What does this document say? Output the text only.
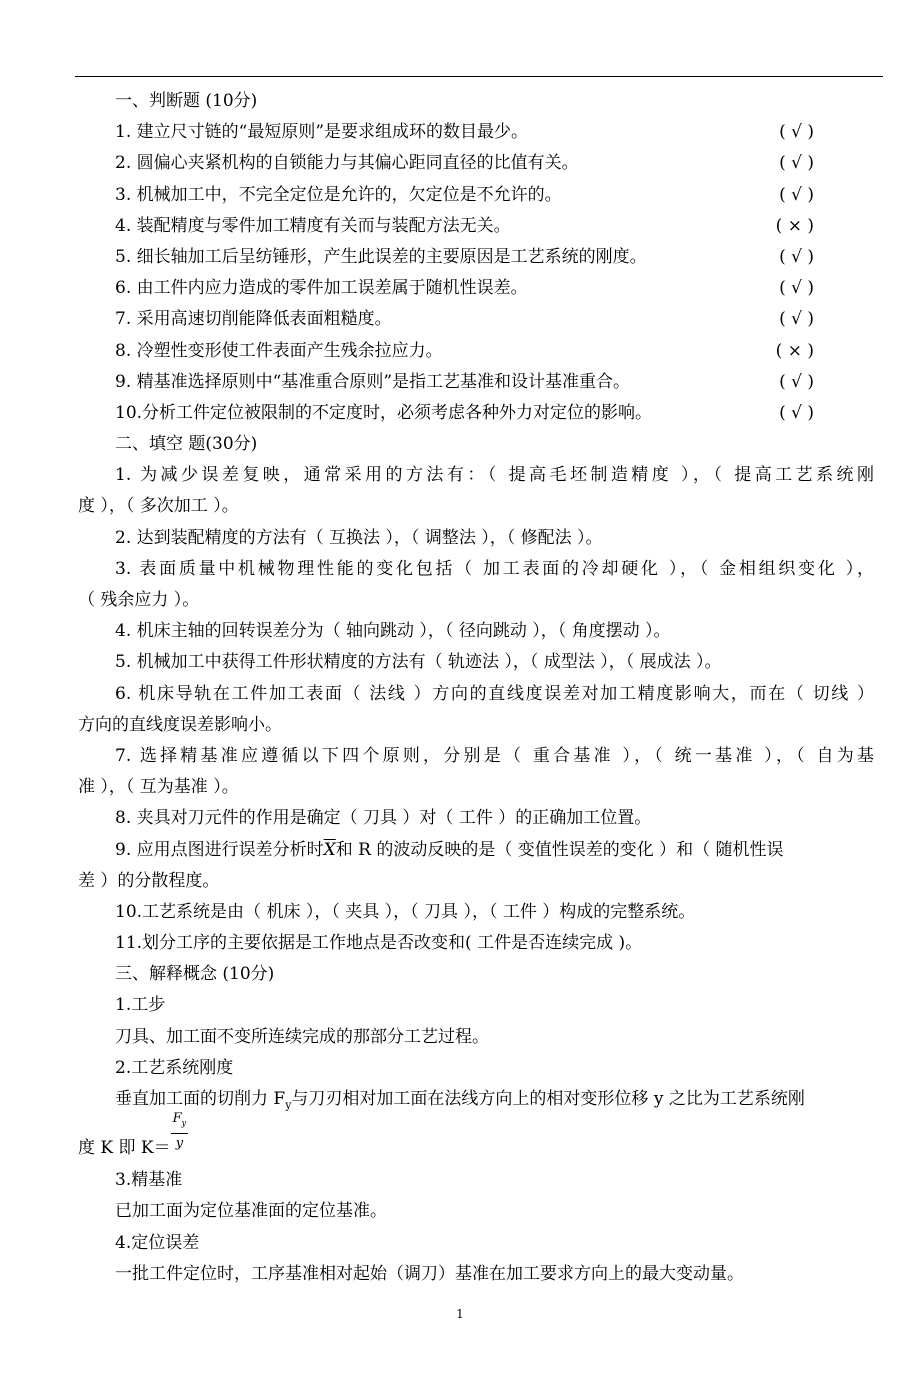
一、判断题 (10分)
1. 建立尺寸链的“最短原则”是要求组成环的数目最少。	( √ )
2. 圆偏心夹紧机构的自锁能力与其偏心距同直径的比值有关。	( √ )
3. 机械加工中，不完全定位是允许的，欠定位是不允许的。	( √ )
4. 装配精度与零件加工精度有关而与装配方法无关。	( × )
5. 细长轴加工后呈纺锤形，产生此误差的主要原因是工艺系统的刚度。	( √ )
6. 由工件内应力造成的零件加工误差属于随机性误差。	( √ )
7. 采用高速切削能降低表面粗糙度。	( √ )
8. 冷塑性变形使工件表面产生残余拉应力。	( × )
9. 精基准选择原则中“基准重合原则”是指工艺基准和设计基准重合。	( √ )
10.分析工件定位被限制的不定度时，必须考虑各种外力对定位的影响。	( √ )
二、填空 题(30分)
1. 为减少误差复映，通常采用的方法有：（ 提高毛坯制造精度 ），（ 提高工艺系统刚
度 ），（ 多次加工 ）。
2. 达到装配精度的方法有（ 互换法 ），（ 调整法 ），（ 修配法 ）。
3. 表面质量中机械物理性能的变化包括（ 加工表面的冷却硬化 ），（ 金相组织变化 ），
（ 残余应力 ）。
4. 机床主轴的回转误差分为（ 轴向跳动 ），（ 径向跳动 ），（ 角度摆动 ）。
5. 机械加工中获得工件形状精度的方法有（ 轨迹法 ），（ 成型法 ），（ 展成法 ）。
6. 机床导轨在工件加工表面（ 法线 ）方向的直线度误差对加工精度影响大，而在（ 切线 ）
方向的直线度误差影响小。
7. 选择精基准应遵循以下四个原则，分别是（ 重合基准 ），（ 统一基准 ），（ 自为基
准 ），（ 互为基准 ）。
8. 夹具对刀元件的作用是确定（ 刀具 ）对（ 工件 ）的正确加工位置。
9. 应用点图进行误差分析时$\overline{X}$和 R 的波动反映的是（ 变值性误差的变化 ）和（ 随机性误
差 ）的分散程度。
10.工艺系统是由（ 机床 ），（ 夹具 ），（ 刀具 ），（ 工件 ）构成的完整系统。
11.划分工序的主要依据是工作地点是否改变和( 工件是否连续完成 )。
三、解释概念 (10分)
1.工步
刀具、加工面不变所连续完成的那部分工艺过程。
2.工艺系统刚度
垂直加工面的切削力 $F_y$与刀刃相对加工面在法线方向上的相对变形位移 y 之比为工艺系统刚
度 K 即 $K= \frac{F_y}{y}$
3.精基准
已加工面为定位基准面的定位基准。
4.定位误差
一批工件定位时，工序基准相对起始（调刀）基准在加工要求方向上的最大变动量。
1
